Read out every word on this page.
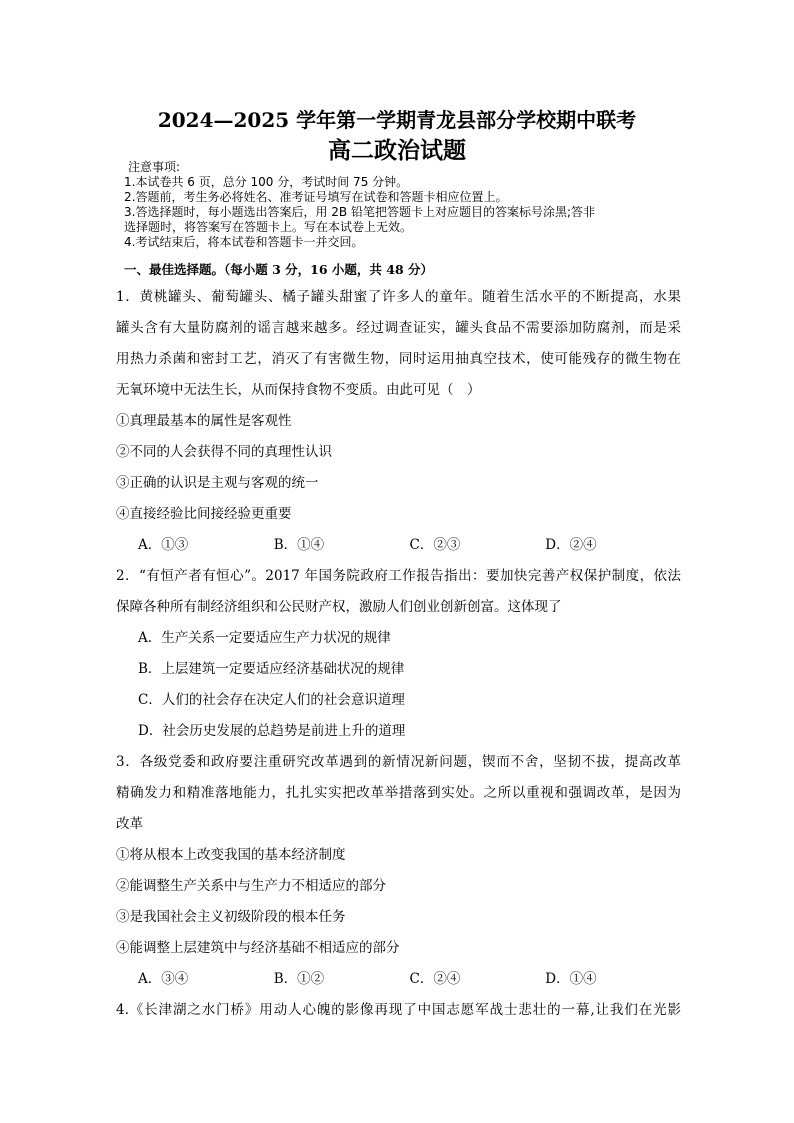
2024—2025 学年第一学期青龙县部分学校期中联考
高二政治试题
注意事项:
1.本试卷共 6 页，总分 100 分，考试时间 75 分钟。
2.答题前，考生务必将姓名、准考证号填写在试卷和答题卡相应位置上。
3.答选择题时，每小题选出答案后，用 2B 铅笔把答题卡上对应题目的答案标号涂黑;答非
选择题时，将答案写在答题卡上。写在本试卷上无效。
4.考试结束后，将本试卷和答题卡一并交回。
一、最佳选择题。（每小题 3 分，16 小题，共 48 分）
1．黄桃罐头、葡萄罐头、橘子罐头甜蜜了许多人的童年。随着生活水平的不断提高，水果
罐头含有大量防腐剂的谣言越来越多。经过调查证实，罐头食品不需要添加防腐剂，而是采
用热力杀菌和密封工艺，消灭了有害微生物，同时运用抽真空技术，使可能残存的微生物在
无氧环境中无法生长，从而保持食物不变质。由此可见（　）
①真理最基本的属性是客观性
②不同的人会获得不同的真理性认识
③正确的认识是主观与客观的统一
④直接经验比间接经验更重要
A．①③	B．①④	C．②③	D．②④
2．“有恒产者有恒心”。2017 年国务院政府工作报告指出：要加快完善产权保护制度，依法
保障各种所有制经济组织和公民财产权，激励人们创业创新创富。这体现了
A．生产关系一定要适应生产力状况的规律
B．上层建筑一定要适应经济基础状况的规律
C．人们的社会存在决定人们的社会意识道理
D．社会历史发展的总趋势是前进上升的道理
3．各级党委和政府要注重研究改革遇到的新情况新问题，锲而不舍，坚韧不拔，提高改革
精确发力和精准落地能力，扎扎实实把改革举措落到实处。之所以重视和强调改革，是因为
改革
①将从根本上改变我国的基本经济制度
②能调整生产关系中与生产力不相适应的部分
③是我国社会主义初级阶段的根本任务
④能调整上层建筑中与经济基础不相适应的部分
A．③④	B．①②	C．②④	D．①④
4.《长津湖之水门桥》用动人心魄的影像再现了中国志愿军战士悲壮的一幕,让我们在光影
